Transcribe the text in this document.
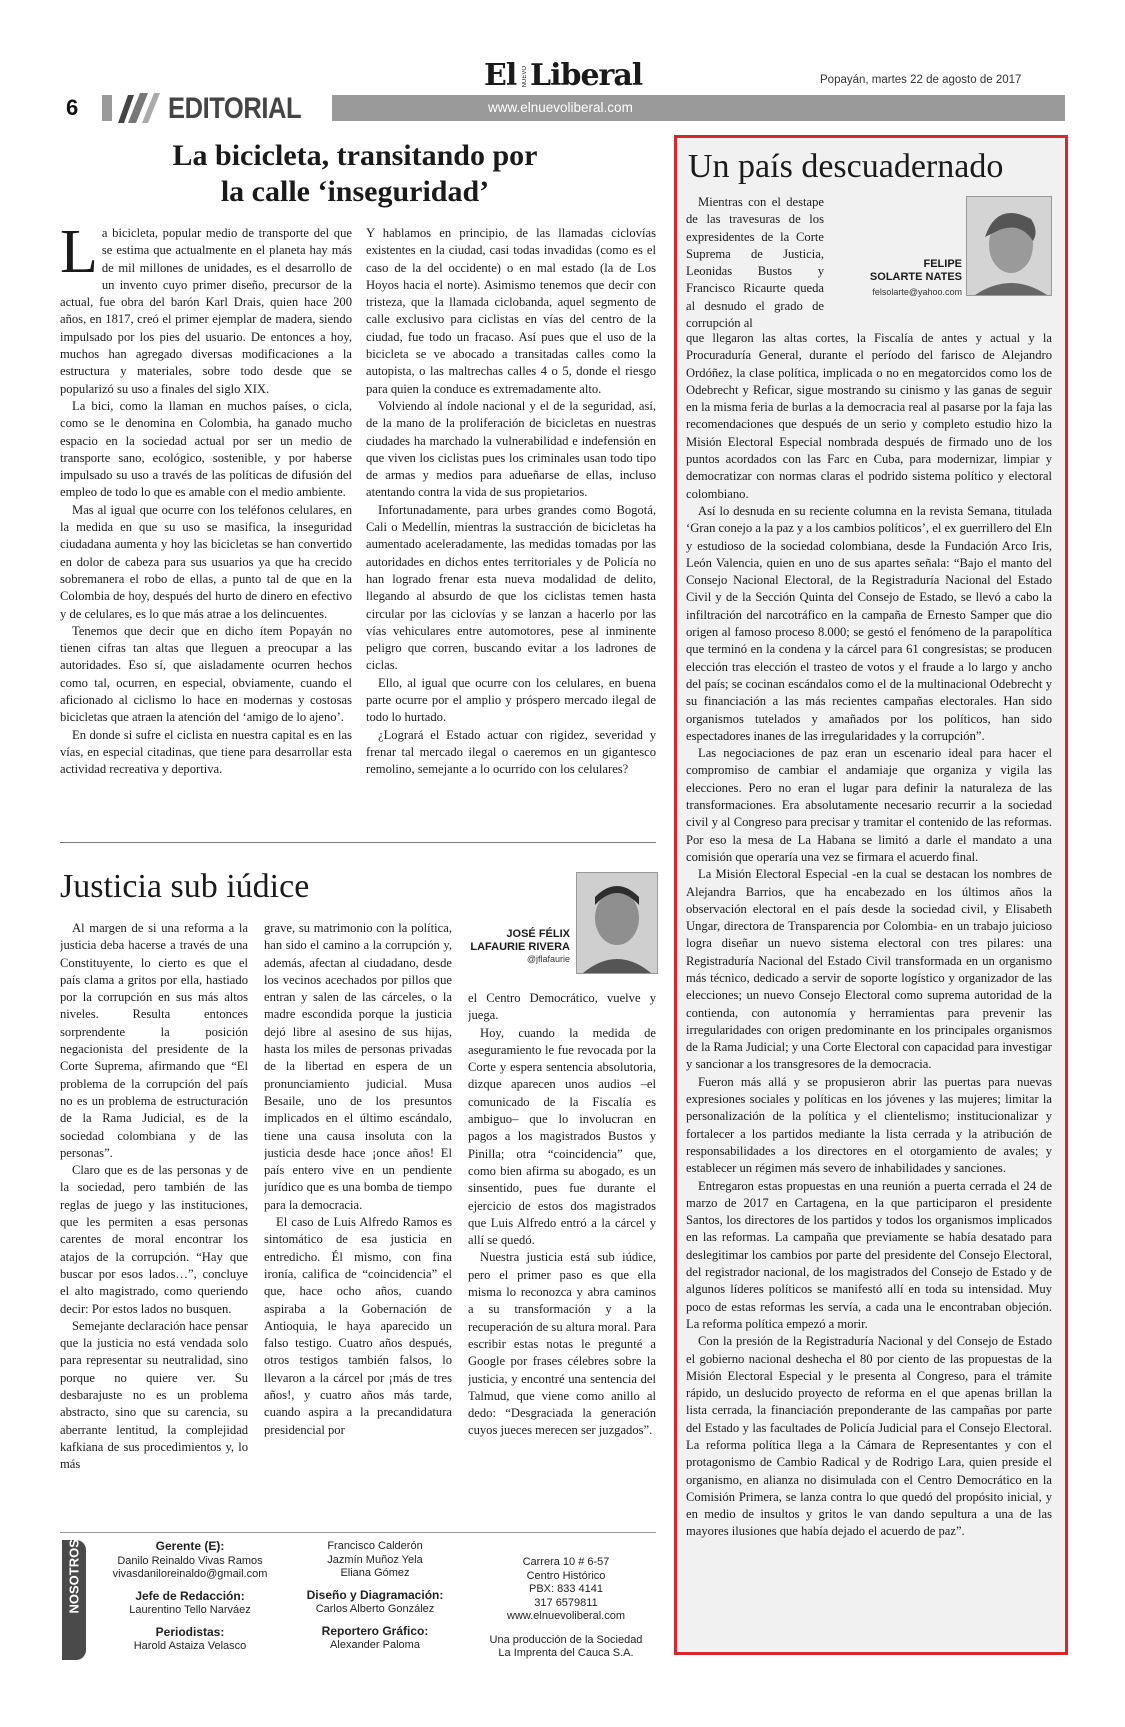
El NUEVO Liberal	Popayán, martes 22 de agosto de 2017
6	EDITORIAL	www.elnuevoliberal.com
La bicicleta, transitando por
la calle ‘inseguridad’
L a bicicleta, popular medio de transporte del que se estima que actualmente en el planeta hay más de mil millones de unidades, es el desarrollo de un invento cuyo primer diseño, precursor de la actual, fue obra del barón Karl Drais, quien hace 200 años, en 1817, creó el primer ejemplar de madera, siendo impulsado por los pies del usuario. De entonces a hoy, muchos han agregado diversas modificaciones a la estructura y materiales, sobre todo desde que se popularizó su uso a finales del siglo XIX.

La bici, como la llaman en muchos países, o cicla, como se le denomina en Colombia, ha ganado mucho espacio en la sociedad actual por ser un medio de transporte sano, ecológico, sostenible, y por haberse impulsado su uso a través de las políticas de difusión del empleo de todo lo que es amable con el medio ambiente.

Mas al igual que ocurre con los teléfonos celulares, en la medida en que su uso se masifica, la inseguridad ciudadana aumenta y hoy las bicicletas se han convertido en dolor de cabeza para sus usuarios ya que ha crecido sobremanera el robo de ellas, a punto tal de que en la Colombia de hoy, después del hurto de dinero en efectivo y de celulares, es lo que más atrae a los delincuentes.

Tenemos que decir que en dicho ítem Popayán no tienen cifras tan altas que lleguen a preocupar a las autoridades. Eso sí, que aisladamente ocurren hechos como tal, ocurren, en especial, obviamente, cuando el aficionado al ciclismo lo hace en modernas y costosas bicicletas que atraen la atención del ‘amigo de lo ajeno’.

En donde si sufre el ciclista en nuestra capital es en las vías, en especial citadinas, que tiene para desarrollar esta actividad recreativa y deportiva.

Y hablamos en principio, de las llamadas ciclovías existentes en la ciudad, casi todas invadidas (como es el caso de la del occidente) o en mal estado (la de Los Hoyos hacia el norte). Asimismo tenemos que decir con tristeza, que la llamada ciclobanda, aquel segmento de calle exclusivo para ciclistas en vías del centro de la ciudad, fue todo un fracaso. Así pues que el uso de la bicicleta se ve abocado a transitadas calles como la autopista, o las maltrechas calles 4 o 5, donde el riesgo para quien la conduce es extremadamente alto.

Volviendo al índole nacional y el de la seguridad, así, de la mano de la proliferación de bicicletas en nuestras ciudades ha marchado la vulnerabilidad e indefensión en que viven los ciclistas pues los criminales usan todo tipo de armas y medios para adueñarse de ellas, incluso atentando contra la vida de sus propietarios.

Infortunadamente, para urbes grandes como Bogotá, Cali o Medellín, mientras la sustracción de bicicletas ha aumentado aceleradamente, las medidas tomadas por las autoridades en dichos entes territoriales y de Policía no han logrado frenar esta nueva modalidad de delito, llegando al absurdo de que los ciclistas temen hasta circular por las ciclovías y se lanzan a hacerlo por las vías vehiculares entre automotores, pese al inminente peligro que corren, buscando evitar a los ladrones de ciclas.

Ello, al igual que ocurre con los celulares, en buena parte ocurre por el amplio y próspero mercado ilegal de todo lo hurtado.

¿Logrará el Estado actuar con rigidez, severidad y frenar tal mercado ilegal o caeremos en un gigantesco remolino, semejante a lo ocurrido con los celulares?

Justicia sub iúdice
JOSÉ FÉLIX
LAFAURIE RIVERA
@jflafaurie

Al margen de si una reforma a la justicia deba hacerse a través de una Constituyente, lo cierto es que el país clama a gritos por ella, hastiado por la corrupción en sus más altos niveles. Resulta entonces sorprendente la posición negacionista del presidente de la Corte Suprema, afirmando que “El problema de la corrupción del país no es un problema de estructuración de la Rama Judicial, es de la sociedad colombiana y de las personas”.

Claro que es de las personas y de la sociedad, pero también de las reglas de juego y las instituciones, que les permiten a esas personas carentes de moral encontrar los atajos de la corrupción. “Hay que buscar por esos lados…”, concluye el alto magistrado, como queriendo decir: Por estos lados no busquen.

Semejante declaración hace pensar que la justicia no está vendada solo para representar su neutralidad, sino porque no quiere ver. Su desbarajuste no es un problema abstracto, sino que su carencia, su aberrante lentitud, la complejidad kafkiana de sus procedimientos y, lo más

grave, su matrimonio con la política, han sido el camino a la corrupción y, además, afectan al ciudadano, desde los vecinos acechados por pillos que entran y salen de las cárceles, o la madre escondida porque la justicia dejó libre al asesino de sus hijas, hasta los miles de personas privadas de la libertad en espera de un pronunciamiento judicial. Musa Besaile, uno de los presuntos implicados en el último escándalo, tiene una causa insoluta con la justicia desde hace ¡once años! El país entero vive en un pendiente jurídico que es una bomba de tiempo para la democracia.

El caso de Luis Alfredo Ramos es sintomático de esa justicia en entredicho. Él mismo, con fina ironía, califica de “coincidencia” el que, hace ocho años, cuando aspiraba a la Gobernación de Antioquia, le haya aparecido un falso testigo. Cuatro años después, otros testigos también falsos, lo llevaron a la cárcel por ¡más de tres años!, y cuatro años más tarde, cuando aspira a la precandidatura presidencial por

el Centro Democrático, vuelve y juega.

Hoy, cuando la medida de aseguramiento le fue revocada por la Corte y espera sentencia absolutoria, dizque aparecen unos audios –el comunicado de la Fiscalía es ambiguo– que lo involucran en pagos a los magistrados Bustos y Pinilla; otra “coincidencia” que, como bien afirma su abogado, es un sinsentido, pues fue durante el ejercicio de estos dos magistrados que Luis Alfredo entró a la cárcel y allí se quedó.

Nuestra justicia está sub iúdice, pero el primer paso es que ella misma lo reconozca y abra caminos a su transformación y a la recuperación de su altura moral. Para escribir estas notas le pregunté a Google por frases célebres sobre la justicia, y encontré una sentencia del Talmud, que viene como anillo al dedo: “Desgraciada la generación cuyos jueces merecen ser juzgados”.

Un país descuadernado

Mientras con el destape de las travesuras de los expresidentes de la Corte Suprema de Justicia, Leonidas Bustos y Francisco Ricaurte queda al desnudo el grado de corrupción al

FELIPE
SOLARTE NATES
felsolarte@yahoo.com

que llegaron las altas cortes, la Fiscalía de antes y actual y la Procuraduría General, durante el período del farisco de Alejandro Ordóñez, la clase política, implicada o no en megatorcidos como los de Odebrecht y Reficar, sigue mostrando su cinismo y las ganas de seguir en la misma feria de burlas a la democracia real al pasarse por la faja las recomendaciones que después de un serio y completo estudio hizo la Misión Electoral Especial nombrada después de firmado uno de los puntos acordados con las Farc en Cuba, para modernizar, limpiar y democratizar con normas claras el podrido sistema político y electoral colombiano.

Así lo desnuda en su reciente columna en la revista Semana, titulada ‘Gran conejo a la paz y a los cambios políticos’, el ex guerrillero del Eln y estudioso de la sociedad colombiana, desde la Fundación Arco Iris, León Valencia, quien en uno de sus apartes señala: “Bajo el manto del Consejo Nacional Electoral, de la Registraduría Nacional del Estado Civil y de la Sección Quinta del Consejo de Estado, se llevó a cabo la infiltración del narcotráfico en la campaña de Ernesto Samper que dio origen al famoso proceso 8.000; se gestó el fenómeno de la parapolítica que terminó en la condena y la cárcel para 61 congresistas; se producen elección tras elección el trasteo de votos y el fraude a lo largo y ancho del país; se cocinan escándalos como el de la multinacional Odebrecht y su financiación a las más recientes campañas electorales. Han sido organismos tutelados y amañados por los políticos, han sido espectadores inanes de las irregularidades y la corrupción”.

Las negociaciones de paz eran un escenario ideal para hacer el compromiso de cambiar el andamiaje que organiza y vigila las elecciones. Pero no eran el lugar para definir la naturaleza de las transformaciones. Era absolutamente necesario recurrir a la sociedad civil y al Congreso para precisar y tramitar el contenido de las reformas. Por eso la mesa de La Habana se limitó a darle el mandato a una comisión que operaría una vez se firmara el acuerdo final.

La Misión Electoral Especial -en la cual se destacan los nombres de Alejandra Barrios, que ha encabezado en los últimos años la observación electoral en el país desde la sociedad civil, y Elisabeth Ungar, directora de Transparencia por Colombia- en un trabajo juicioso logra diseñar un nuevo sistema electoral con tres pilares: una Registraduría Nacional del Estado Civil transformada en un organismo más técnico, dedicado a servir de soporte logístico y organizador de las elecciones; un nuevo Consejo Electoral como suprema autoridad de la contienda, con autonomía y herramientas para prevenir las irregularidades con origen predominante en los principales organismos de la Rama Judicial; y una Corte Electoral con capacidad para investigar y sancionar a los transgresores de la democracia.

Fueron más allá y se propusieron abrir las puertas para nuevas expresiones sociales y políticas en los jóvenes y las mujeres; limitar la personalización de la política y el clientelismo; institucionalizar y fortalecer a los partidos mediante la lista cerrada y la atribución de responsabilidades a los directores en el otorgamiento de avales; y establecer un régimen más severo de inhabilidades y sanciones.

Entregaron estas propuestas en una reunión a puerta cerrada el 24 de marzo de 2017 en Cartagena, en la que participaron el presidente Santos, los directores de los partidos y todos los organismos implicados en las reformas. La campaña que previamente se había desatado para deslegitimar los cambios por parte del presidente del Consejo Electoral, del registrador nacional, de los magistrados del Consejo de Estado y de algunos líderes políticos se manifestó allí en toda su intensidad. Muy poco de estas reformas les servía, a cada una le encontraban objeción. La reforma política empezó a morir.

Con la presión de la Registraduría Nacional y del Consejo de Estado el gobierno nacional deshecha el 80 por ciento de las propuestas de la Misión Electoral Especial y le presenta al Congreso, para el trámite rápido, un deslucido proyecto de reforma en el que apenas brillan la lista cerrada, la financiación preponderante de las campañas por parte del Estado y las facultades de Policía Judicial para el Consejo Electoral. La reforma política llega a la Cámara de Representantes y con el protagonismo de Cambio Radical y de Rodrigo Lara, quien preside el organismo, en alianza no disimulada con el Centro Democrático en la Comisión Primera, se lanza contra lo que quedó del propósito inicial, y en medio de insultos y gritos le van dando sepultura a una de las mayores ilusiones que había dejado el acuerdo de paz”.

NOSOTROS	Gerente (E):
Danilo Reinaldo Vivas Ramos
vivasdaniloreinaldo@gmail.com
Jefe de Redacción:
Laurentino Tello Narváez
Periodistas:
Harold Astaiza Velasco
Francisco Calderón
Jazmín Muñoz Yela
Eliana Gómez
Diseño y Diagramación:
Carlos Alberto González
Reportero Gráfico:
Alexander Paloma
Carrera 10 # 6-57
Centro Histórico
PBX: 833 4141
317 6579811
www.elnuevoliberal.com
Una producción de la Sociedad
La Imprenta del Cauca S.A.
